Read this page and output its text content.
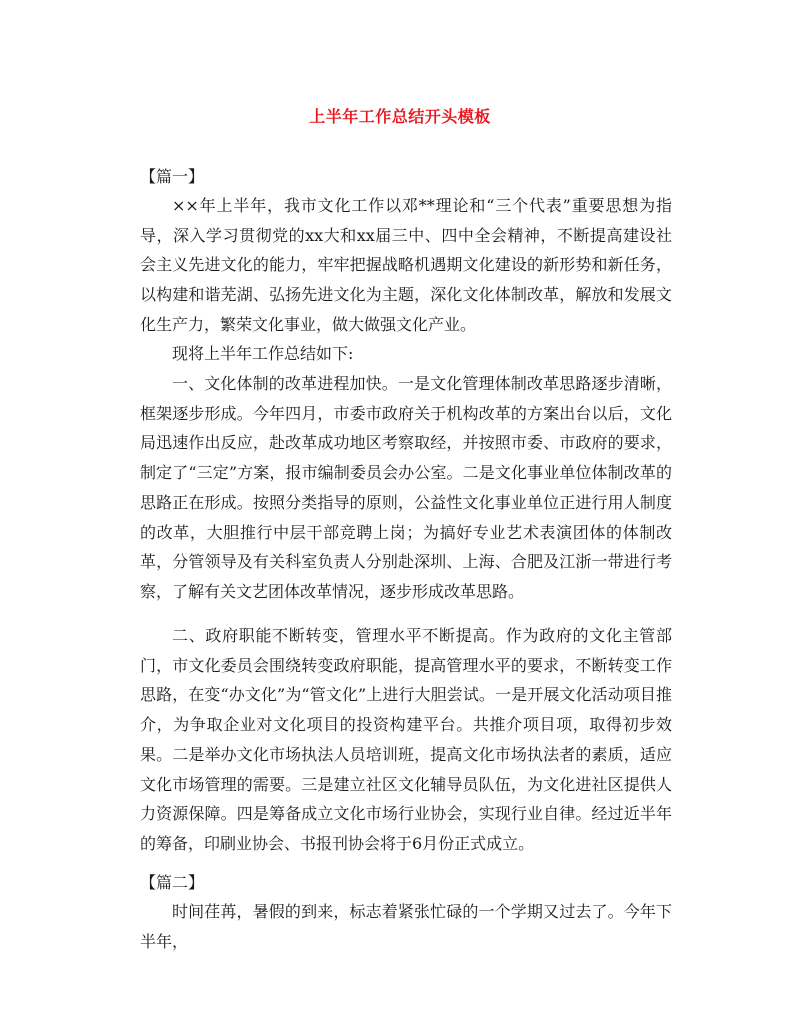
上半年工作总结开头模板
【篇一】

××年上半年，我市文化工作以邓**理论和“三个代表”重要思想为指导，深入学习贯彻党的xx大和xx届三中、四中全会精神，不断提高建设社会主义先进文化的能力，牢牢把握战略机遇期文化建设的新形势和新任务，以构建和谐芜湖、弘扬先进文化为主题，深化文化体制改革，解放和发展文化生产力，繁荣文化事业，做大做强文化产业。

现将上半年工作总结如下:

一、文化体制的改革进程加快。一是文化管理体制改革思路逐步清晰，框架逐步形成。今年四月，市委市政府关于机构改革的方案出台以后，文化局迅速作出反应，赴改革成功地区考察取经，并按照市委、市政府的要求，制定了“三定”方案，报市编制委员会办公室。二是文化事业单位体制改革的思路正在形成。按照分类指导的原则，公益性文化事业单位正进行用人制度的改革，大胆推行中层干部竞聘上岗；为搞好专业艺术表演团体的体制改革，分管领导及有关科室负责人分别赴深圳、上海、合肥及江浙一带进行考察，了解有关文艺团体改革情况，逐步形成改革思路。

二、政府职能不断转变，管理水平不断提高。作为政府的文化主管部门，市文化委员会围绕转变政府职能，提高管理水平的要求，不断转变工作思路，在变“办文化”为“管文化”上进行大胆尝试。一是开展文化活动项目推介，为争取企业对文化项目的投资构建平台。共推介项目项，取得初步效果。二是举办文化市场执法人员培训班，提高文化市场执法者的素质，适应文化市场管理的需要。三是建立社区文化辅导员队伍，为文化进社区提供人力资源保障。四是筹备成立文化市场行业协会，实现行业自律。经过近半年的筹备，印刷业协会、书报刊协会将于6月份正式成立。

【篇二】

时间荏苒，暑假的到来，标志着紧张忙碌的一个学期又过去了。今年下半年，
